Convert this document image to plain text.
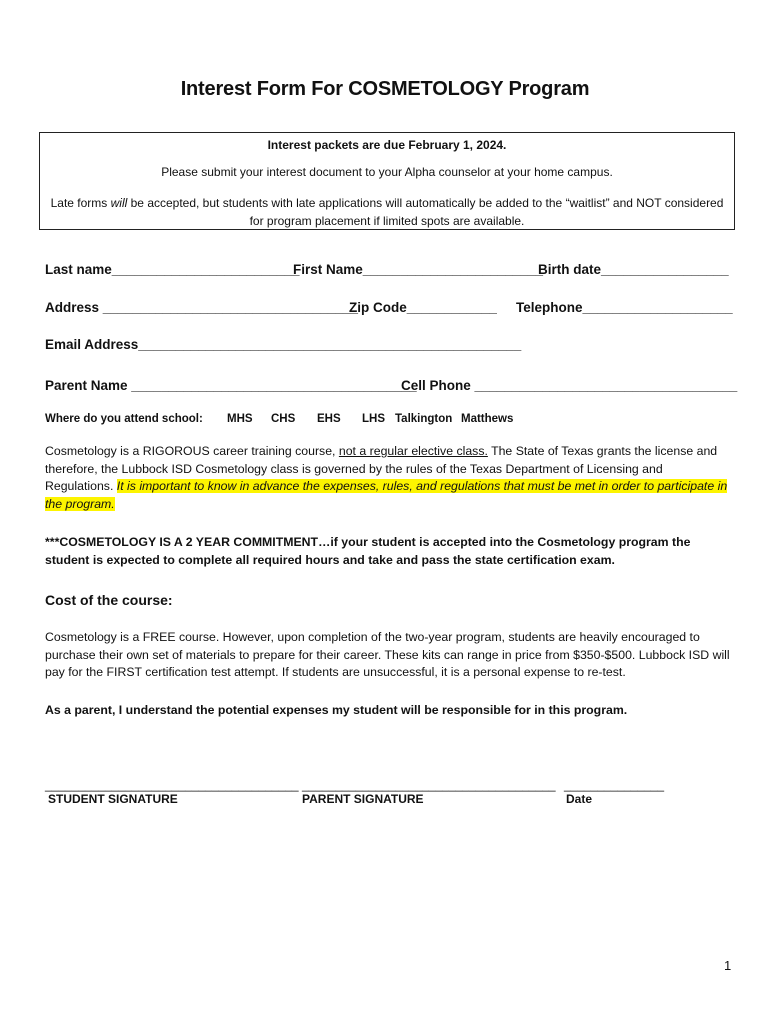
Interest Form For COSMETOLOGY Program
Interest packets are due February 1, 2024.
Please submit your interest document to your Alpha counselor at your home campus.
Late forms will be accepted, but students with late applications will automatically be added to the “waitlist” and NOT considered for program placement if limited spots are available.
Last name_________________________
First Name________________________
Birth date_________________
Address __________________________________
Zip Code____________ Telephone____________________
Email Address___________________________________________________
Parent Name ______________________________________
Cell Phone ___________________________________
Where do you attend school: MHS CHS EHS LHS Talkington Matthews
Cosmetology is a RIGOROUS career training course, not a regular elective class. The State of Texas grants the license and therefore, the Lubbock ISD Cosmetology class is governed by the rules of the Texas Department of Licensing and Regulations. It is important to know in advance the expenses, rules, and regulations that must be met in order to participate in the program.
***COSMETOLOGY IS A 2 YEAR COMMITMENT…if your student is accepted into the Cosmetology program the student is expected to complete all required hours and take and pass the state certification exam.
Cost of the course:
Cosmetology is a FREE course. However, upon completion of the two-year program, students are heavily encouraged to purchase their own set of materials to prepare for their career. These kits can range in price from $350-$500. Lubbock ISD will pay for the FIRST certification test attempt. If students are unsuccessful, it is a personal expense to re-test.
As a parent, I understand the potential expenses my student will be responsible for in this program.
______________________________________ ______________________________________ _______________
STUDENT SIGNATURE	PARENT SIGNATURE	Date
1
